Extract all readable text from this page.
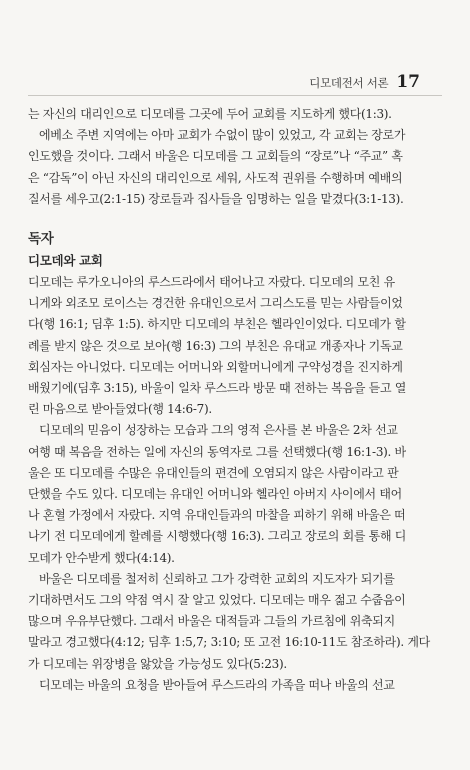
디모데전서 서론 17
는 자신의 대리인으로 디모데를 그곳에 두어 교회를 지도하게 했다(1:3).
에베소 주변 지역에는 아마 교회가 수없이 많이 있었고, 각 교회는 장로가
인도했을 것이다. 그래서 바울은 디모데를 그 교회들의 “장로”나 “주교” 혹
은 “감독”이 아닌 자신의 대리인으로 세워, 사도적 권위를 수행하며 예배의
질서를 세우고(2:1-15) 장로들과 집사들을 임명하는 일을 맡겼다(3:1-13).
독자
디모데와 교회
디모데는 루가오니아의 루스드라에서 태어나고 자랐다. 디모데의 모친 유
니게와 외조모 로이스는 경건한 유대인으로서 그리스도를 믿는 사람들이었
다(행 16:1; 딤후 1:5). 하지만 디모데의 부친은 헬라인이었다. 디모데가 할
례를 받지 않은 것으로 보아(행 16:3) 그의 부친은 유대교 개종자나 기독교
회심자는 아니었다. 디모데는 어머니와 외할머니에게 구약성경을 진지하게
배웠기에(딤후 3:15), 바울이 일차 루스드라 방문 때 전하는 복음을 듣고 열
린 마음으로 받아들였다(행 14:6-7).
디모데의 믿음이 성장하는 모습과 그의 영적 은사를 본 바울은 2차 선교
여행 때 복음을 전하는 일에 자신의 동역자로 그를 선택했다(행 16:1-3). 바
울은 또 디모데를 수많은 유대인들의 편견에 오염되지 않은 사람이라고 판
단했을 수도 있다. 디모데는 유대인 어머니와 헬라인 아버지 사이에서 태어
나 혼혈 가정에서 자랐다. 지역 유대인들과의 마찰을 피하기 위해 바울은 떠
나기 전 디모데에게 할례를 시행했다(행 16:3). 그리고 장로의 회를 통해 디
모데가 안수받게 했다(4:14).
바울은 디모데를 철저히 신뢰하고 그가 강력한 교회의 지도자가 되기를
기대하면서도 그의 약점 역시 잘 알고 있었다. 디모데는 매우 젊고 수줍음이
많으며 우유부단했다. 그래서 바울은 대적들과 그들의 가르침에 위축되지
말라고 경고했다(4:12; 딤후 1:5,7; 3:10; 또 고전 16:10-11도 참조하라). 게다
가 디모데는 위장병을 앓았을 가능성도 있다(5:23).
디모데는 바울의 요청을 받아들여 루스드라의 가족을 떠나 바울의 선교
